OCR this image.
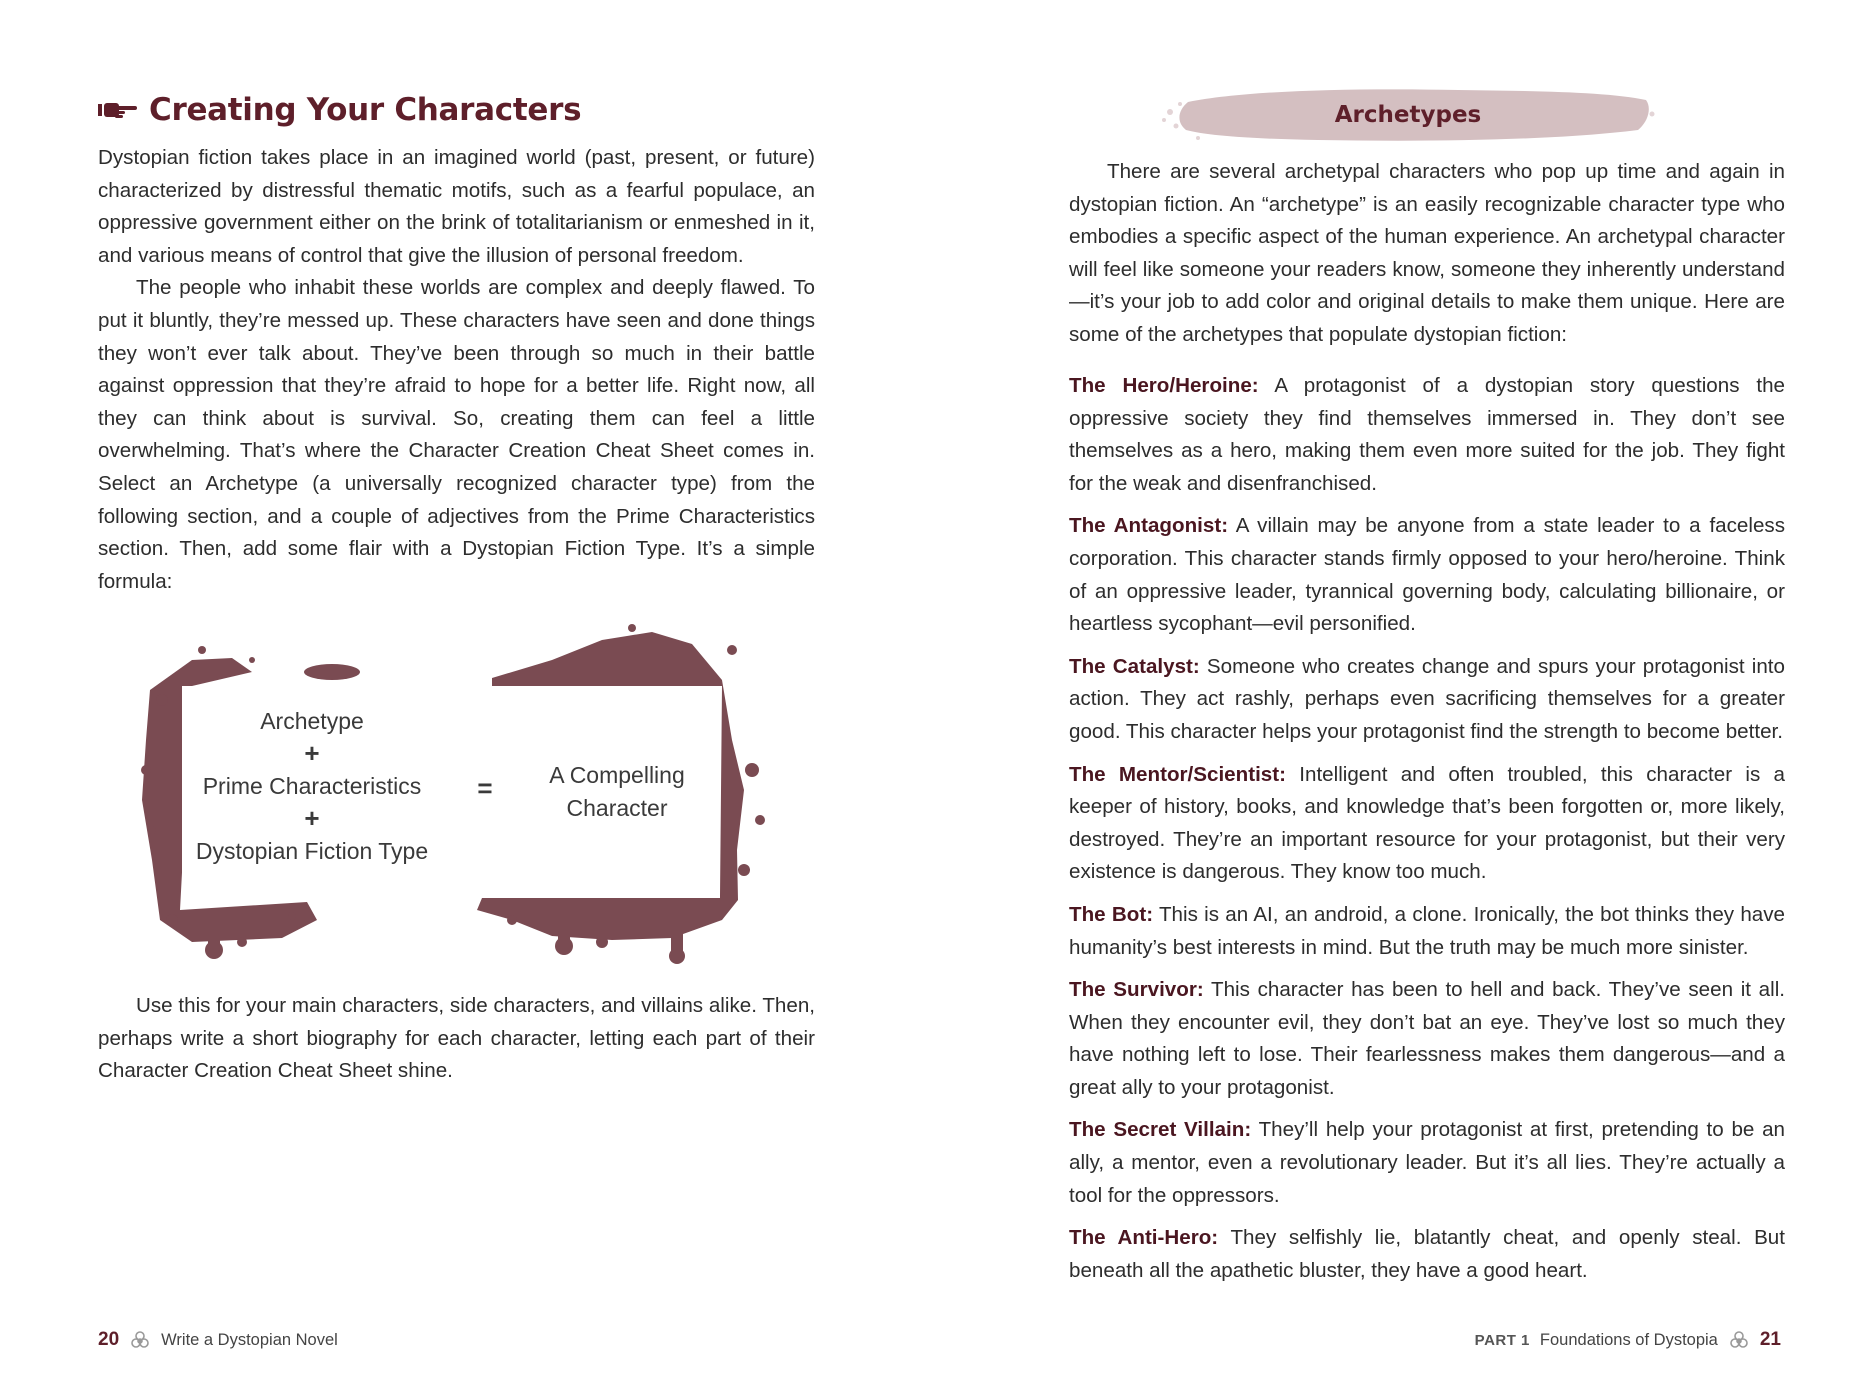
Creating Your Characters

Dystopian fiction takes place in an imagined world (past, present, or future) characterized by distressful thematic motifs, such as a fearful populace, an oppressive government either on the brink of totalitarianism or enmeshed in it, and various means of control that give the illusion of personal freedom.

The people who inhabit these worlds are complex and deeply flawed. To put it bluntly, they’re messed up. These characters have seen and done things they won’t ever talk about. They’ve been through so much in their battle against oppression that they’re afraid to hope for a better life. Right now, all they can think about is survival. So, creating them can feel a little overwhelming. That’s where the Character Creation Cheat Sheet comes in. Select an Archetype (a universally recognized character type) from the following section, and a couple of adjectives from the Prime Characteristics section. Then, add some flair with a Dystopian Fiction Type. It’s a simple formula:

Archetype
+
Prime Characteristics
+
Dystopian Fiction Type
=	A Compelling
Character

Use this for your main characters, side characters, and villains alike. Then, perhaps write a short biography for each character, letting each part of their Character Creation Cheat Sheet shine.

20	Write a Dystopian Novel
Archetypes

There are several archetypal characters who pop up time and again in dystopian fiction. An “archetype” is an easily recognizable character type who embodies a specific aspect of the human experience. An archetypal character will feel like someone your readers know, someone they inherently understand—it’s your job to add color and original details to make them unique. Here are some of the archetypes that populate dystopian fiction:

The Hero/Heroine: A protagonist of a dystopian story questions the oppressive society they find themselves immersed in. They don’t see themselves as a hero, making them even more suited for the job. They fight for the weak and disenfranchised.

The Antagonist: A villain may be anyone from a state leader to a faceless corporation. This character stands firmly opposed to your hero/heroine. Think of an oppressive leader, tyrannical governing body, calculating billionaire, or heartless sycophant—evil personified.

The Catalyst: Someone who creates change and spurs your protagonist into action. They act rashly, perhaps even sacrificing themselves for a greater good. This character helps your protagonist find the strength to become better.

The Mentor/Scientist: Intelligent and often troubled, this character is a keeper of history, books, and knowledge that’s been forgotten or, more likely, destroyed. They’re an important resource for your protagonist, but their very existence is dangerous. They know too much.

The Bot: This is an AI, an android, a clone. Ironically, the bot thinks they have humanity’s best interests in mind. But the truth may be much more sinister.

The Survivor: This character has been to hell and back. They’ve seen it all. When they encounter evil, they don’t bat an eye. They’ve lost so much they have nothing left to lose. Their fearlessness makes them dangerous—and a great ally to your protagonist.

The Secret Villain: They’ll help your protagonist at first, pretending to be an ally, a mentor, even a revolutionary leader. But it’s all lies. They’re actually a tool for the oppressors.

The Anti-Hero: They selfishly lie, blatantly cheat, and openly steal. But beneath all the apathetic bluster, they have a good heart.

PART 1 Foundations of Dystopia 21
